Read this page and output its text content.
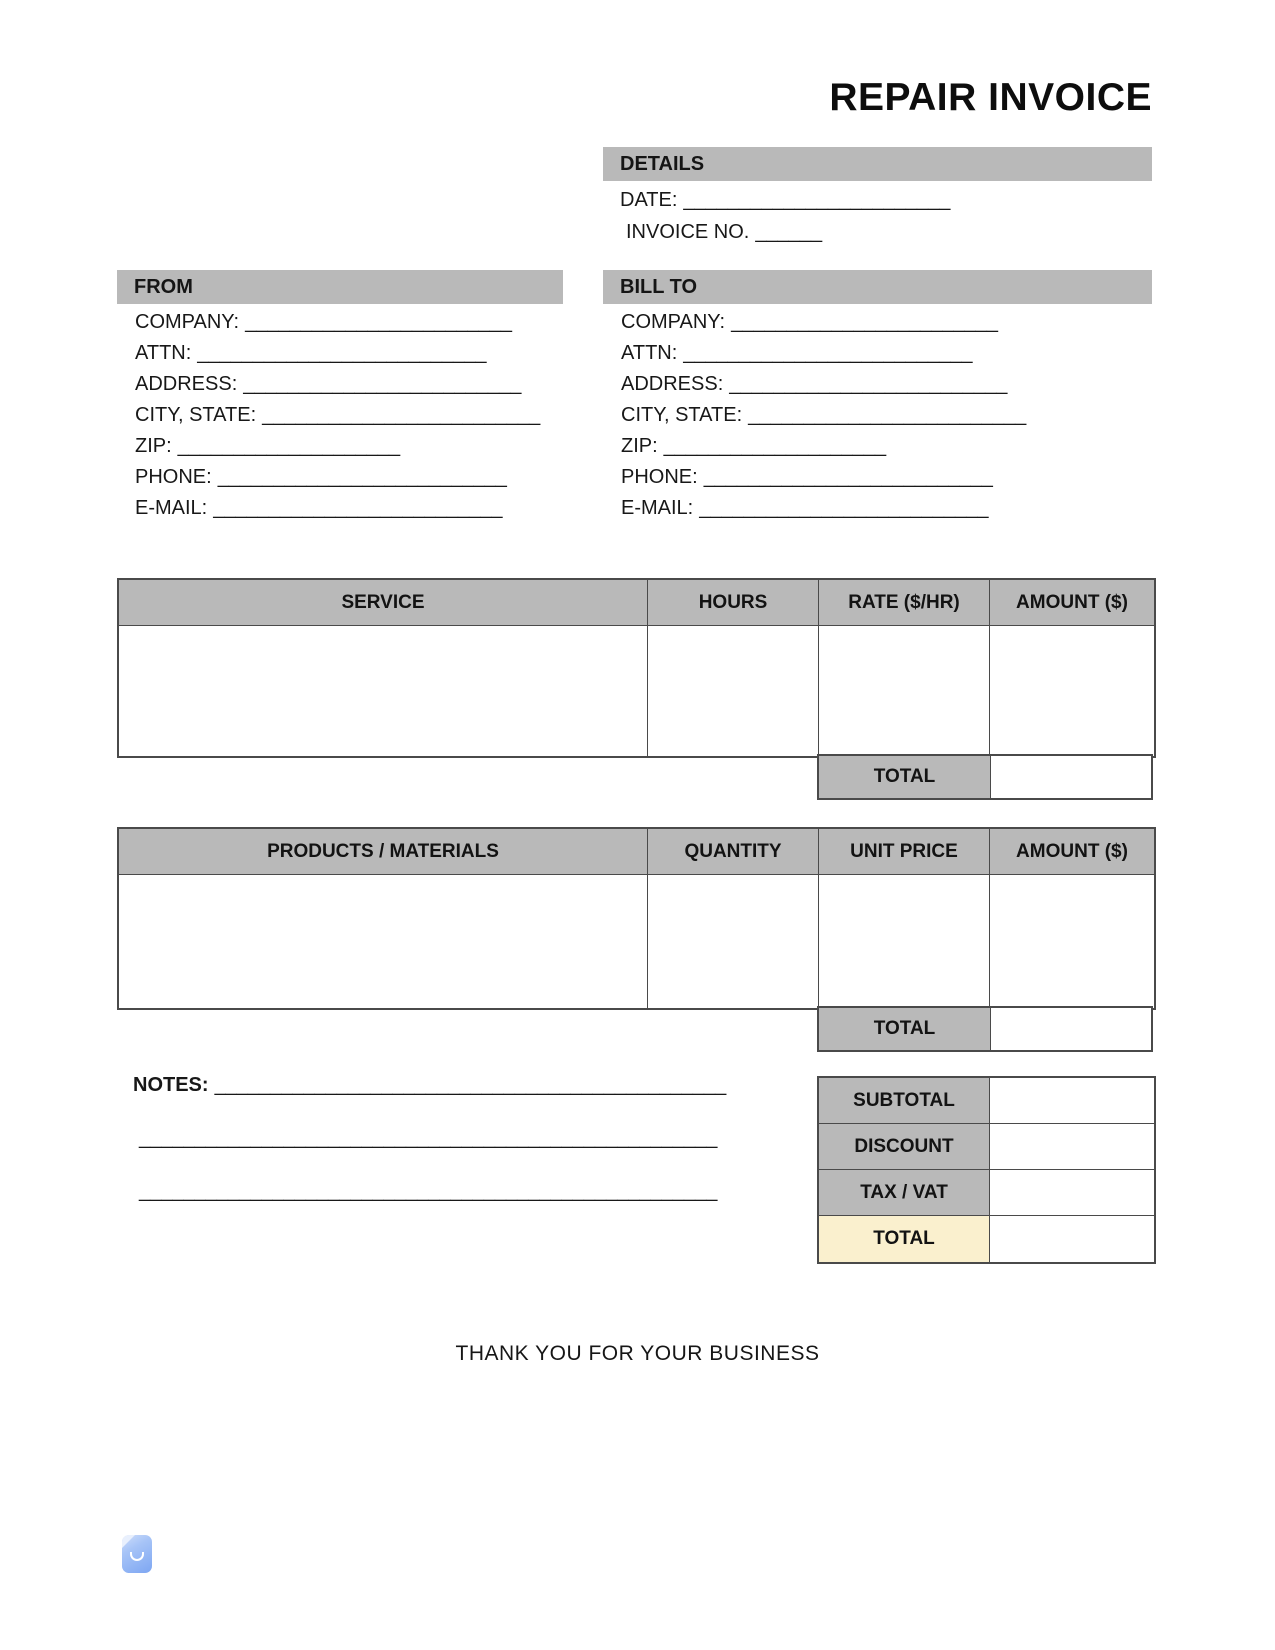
REPAIR INVOICE
DETAILS
DATE: ________________________
INVOICE NO. ______
FROM
COMPANY: ________________________
ATTN: __________________________
ADDRESS: _________________________
CITY, STATE: _________________________
ZIP: ____________________
PHONE: __________________________
E-MAIL: __________________________
BILL TO
COMPANY: ________________________
ATTN: __________________________
ADDRESS: _________________________
CITY, STATE: _________________________
ZIP: ____________________
PHONE: __________________________
E-MAIL: __________________________
SERVICE	HOURS	RATE ($/HR)	AMOUNT ($)
TOTAL
PRODUCTS / MATERIALS	QUANTITY	UNIT PRICE	AMOUNT ($)
TOTAL
NOTES: ______________________________________________
____________________________________________________
____________________________________________________
SUBTOTAL
DISCOUNT
TAX / VAT
TOTAL
THANK YOU FOR YOUR BUSINESS
